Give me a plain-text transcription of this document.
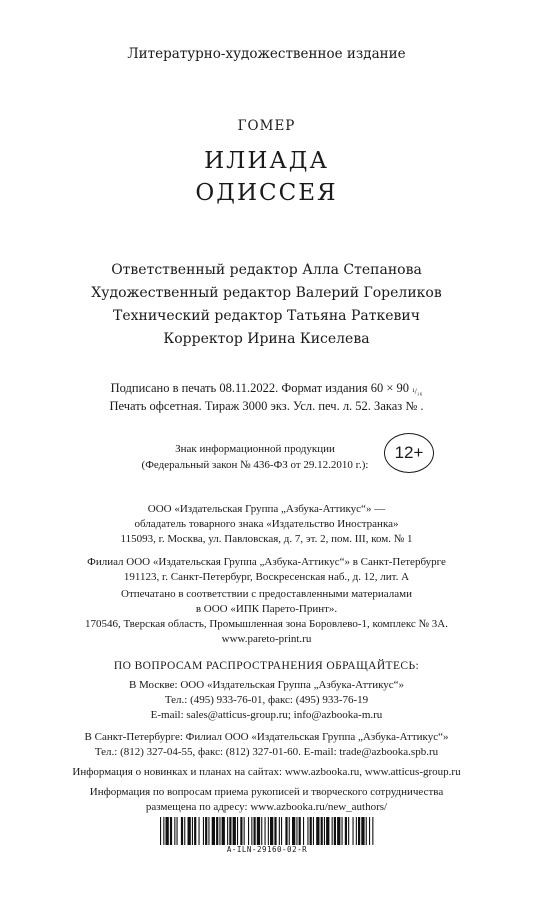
Литературно-художественное издание
ГОМЕР
ИЛИАДА
ОДИССЕЯ
Ответственный редактор Алла Степанова
Художественный редактор Валерий Гореликов
Технический редактор Татьяна Раткевич
Корректор Ирина Киселева
Подписано в печать 08.11.2022. Формат издания 60 × 90 ¹/₁₆
Печать офсетная. Тираж 3000 экз. Усл. печ. л. 52. Заказ № .
Знак информационной продукции
(Федеральный закон № 436-ФЗ от 29.12.2010 г.):
12+
ООО «Издательская Группа „Азбука-Аттикус“» —
обладатель товарного знака «Издательство Иностранка»
115093, г. Москва, ул. Павловская, д. 7, эт. 2, пом. III, ком. № 1
Филиал ООО «Издательская Группа „Азбука-Аттикус“» в Санкт-Петербурге
191123, г. Санкт-Петербург, Воскресенская наб., д. 12, лит. А
Отпечатано в соответствии с предоставленными материалами
в ООО «ИПК Парето-Принт».
170546, Тверская область, Промышленная зона Боровлево-1, комплекс № 3А.
www.pareto-print.ru
ПО ВОПРОСАМ РАСПРОСТРАНЕНИЯ ОБРАЩАЙТЕСЬ:
В Москве: ООО «Издательская Группа „Азбука-Аттикус“»
Тел.: (495) 933-76-01, факс: (495) 933-76-19
E-mail: sales@atticus-group.ru; info@azbooka-m.ru
В Санкт-Петербурге: Филиал ООО «Издательская Группа „Азбука-Аттикус“»
Тел.: (812) 327-04-55, факс: (812) 327-01-60. E-mail: trade@azbooka.spb.ru
Информация о новинках и планах на сайтах: www.azbooka.ru, www.atticus-group.ru
Информация по вопросам приема рукописей и творческого сотрудничества
размещена по адресу: www.azbooka.ru/new_authors/
A-ILN-29160-02-R
